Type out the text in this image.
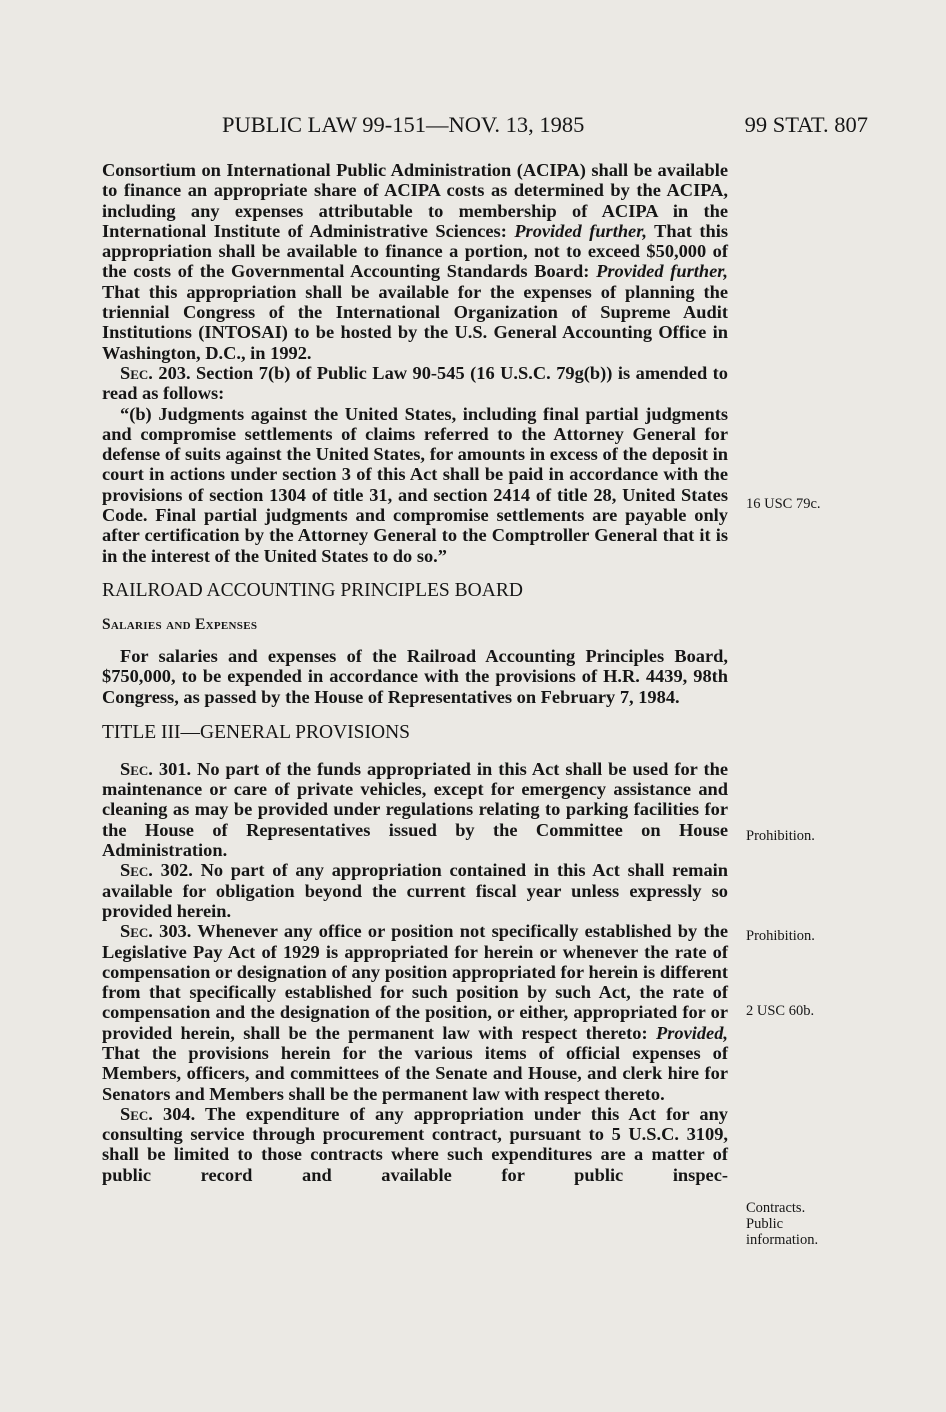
PUBLIC LAW 99-151—NOV. 13, 1985	99 STAT. 807

Consortium on International Public Administration (ACIPA) shall be available to finance an appropriate share of ACIPA costs as determined by the ACIPA, including any expenses attributable to membership of ACIPA in the International Institute of Administrative Sciences: Provided further, That this appropriation shall be available to finance a portion, not to exceed $50,000 of the costs of the Governmental Accounting Standards Board: Provided further, That this appropriation shall be available for the expenses of planning the triennial Congress of the International Organization of Supreme Audit Institutions (INTOSAI) to be hosted by the U.S. General Accounting Office in Washington, D.C., in 1992.

Sec. 203. Section 7(b) of Public Law 90-545 (16 U.S.C. 79g(b)) is amended to read as follows:

“(b) Judgments against the United States, including final partial judgments and compromise settlements of claims referred to the Attorney General for defense of suits against the United States, for amounts in excess of the deposit in court in actions under section 3 of this Act shall be paid in accordance with the provisions of section 1304 of title 31, and section 2414 of title 28, United States Code. Final partial judgments and compromise settlements are payable only after certification by the Attorney General to the Comptroller General that it is in the interest of the United States to do so.”

RAILROAD ACCOUNTING PRINCIPLES BOARD

Salaries and Expenses

For salaries and expenses of the Railroad Accounting Principles Board, $750,000, to be expended in accordance with the provisions of H.R. 4439, 98th Congress, as passed by the House of Representatives on February 7, 1984.

TITLE III—GENERAL PROVISIONS

Sec. 301. No part of the funds appropriated in this Act shall be used for the maintenance or care of private vehicles, except for emergency assistance and cleaning as may be provided under regulations relating to parking facilities for the House of Representatives issued by the Committee on House Administration.

Sec. 302. No part of any appropriation contained in this Act shall remain available for obligation beyond the current fiscal year unless expressly so provided herein.

Sec. 303. Whenever any office or position not specifically established by the Legislative Pay Act of 1929 is appropriated for herein or whenever the rate of compensation or designation of any position appropriated for herein is different from that specifically established for such position by such Act, the rate of compensation and the designation of the position, or either, appropriated for or provided herein, shall be the permanent law with respect thereto: Provided, That the provisions herein for the various items of official expenses of Members, officers, and committees of the Senate and House, and clerk hire for Senators and Members shall be the permanent law with respect thereto.

Sec. 304. The expenditure of any appropriation under this Act for any consulting service through procurement contract, pursuant to 5 U.S.C. 3109, shall be limited to those contracts where such expenditures are a matter of public record and available for public inspec-

16 USC 79c.
Prohibition.
Prohibition.
2 USC 60b.
Contracts. Public information.
